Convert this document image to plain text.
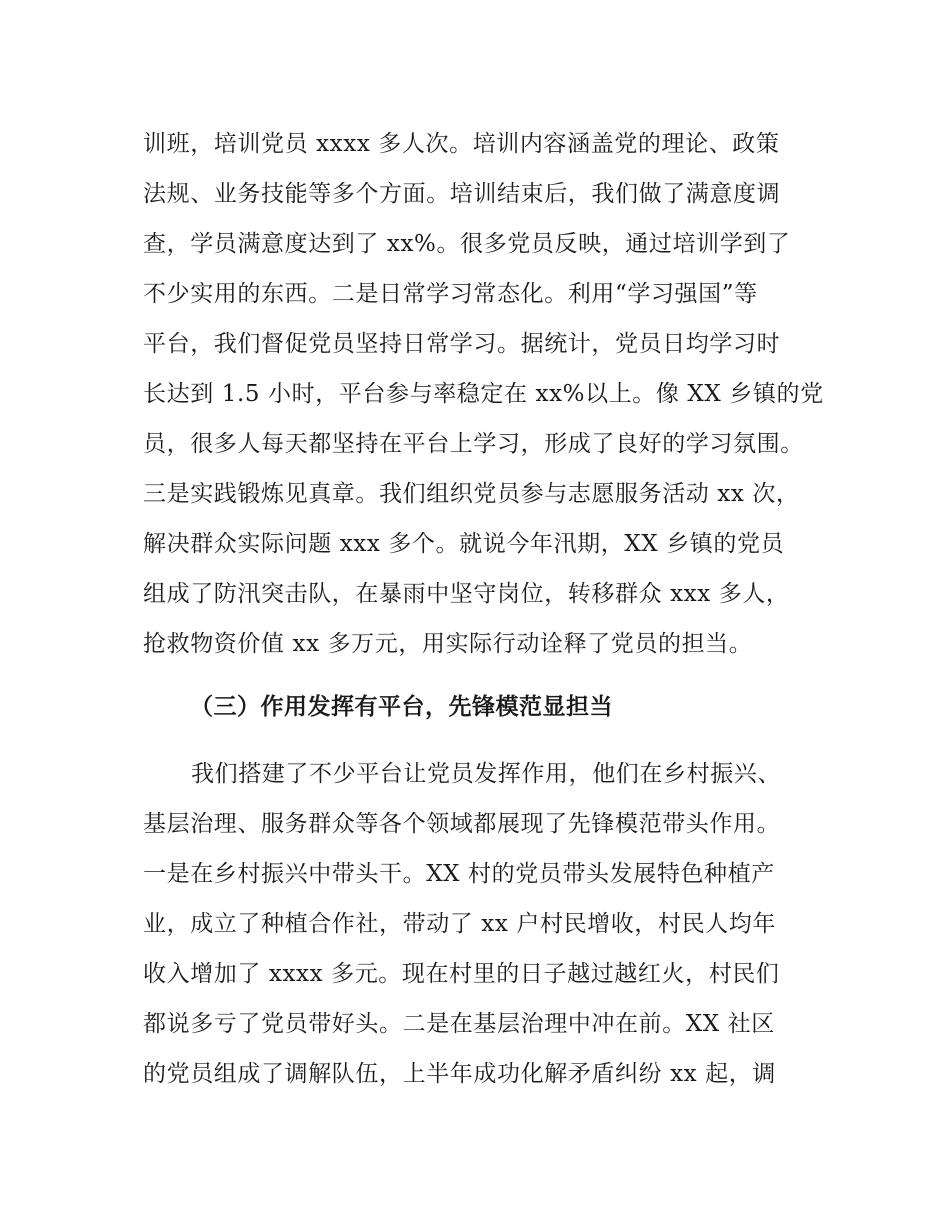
训班，培训党员 xxxx 多人次。培训内容涵盖党的理论、政策
法规、业务技能等多个方面。培训结束后，我们做了满意度调
查，学员满意度达到了 xx%。很多党员反映，通过培训学到了
不少实用的东西。二是日常学习常态化。利用“学习强国”等
平台，我们督促党员坚持日常学习。据统计，党员日均学习时
长达到 1.5 小时，平台参与率稳定在 xx%以上。像 XX 乡镇的党
员，很多人每天都坚持在平台上学习，形成了良好的学习氛围。
三是实践锻炼见真章。我们组织党员参与志愿服务活动 xx 次，
解决群众实际问题 xxx 多个。就说今年汛期，XX 乡镇的党员
组成了防汛突击队，在暴雨中坚守岗位，转移群众 xxx 多人，
抢救物资价值 xx 多万元，用实际行动诠释了党员的担当。
（三）作用发挥有平台，先锋模范显担当
我们搭建了不少平台让党员发挥作用，他们在乡村振兴、
基层治理、服务群众等各个领域都展现了先锋模范带头作用。
一是在乡村振兴中带头干。XX 村的党员带头发展特色种植产
业，成立了种植合作社，带动了 xx 户村民增收，村民人均年
收入增加了 xxxx 多元。现在村里的日子越过越红火，村民们
都说多亏了党员带好头。二是在基层治理中冲在前。XX 社区
的党员组成了调解队伍，上半年成功化解矛盾纠纷 xx 起，调
